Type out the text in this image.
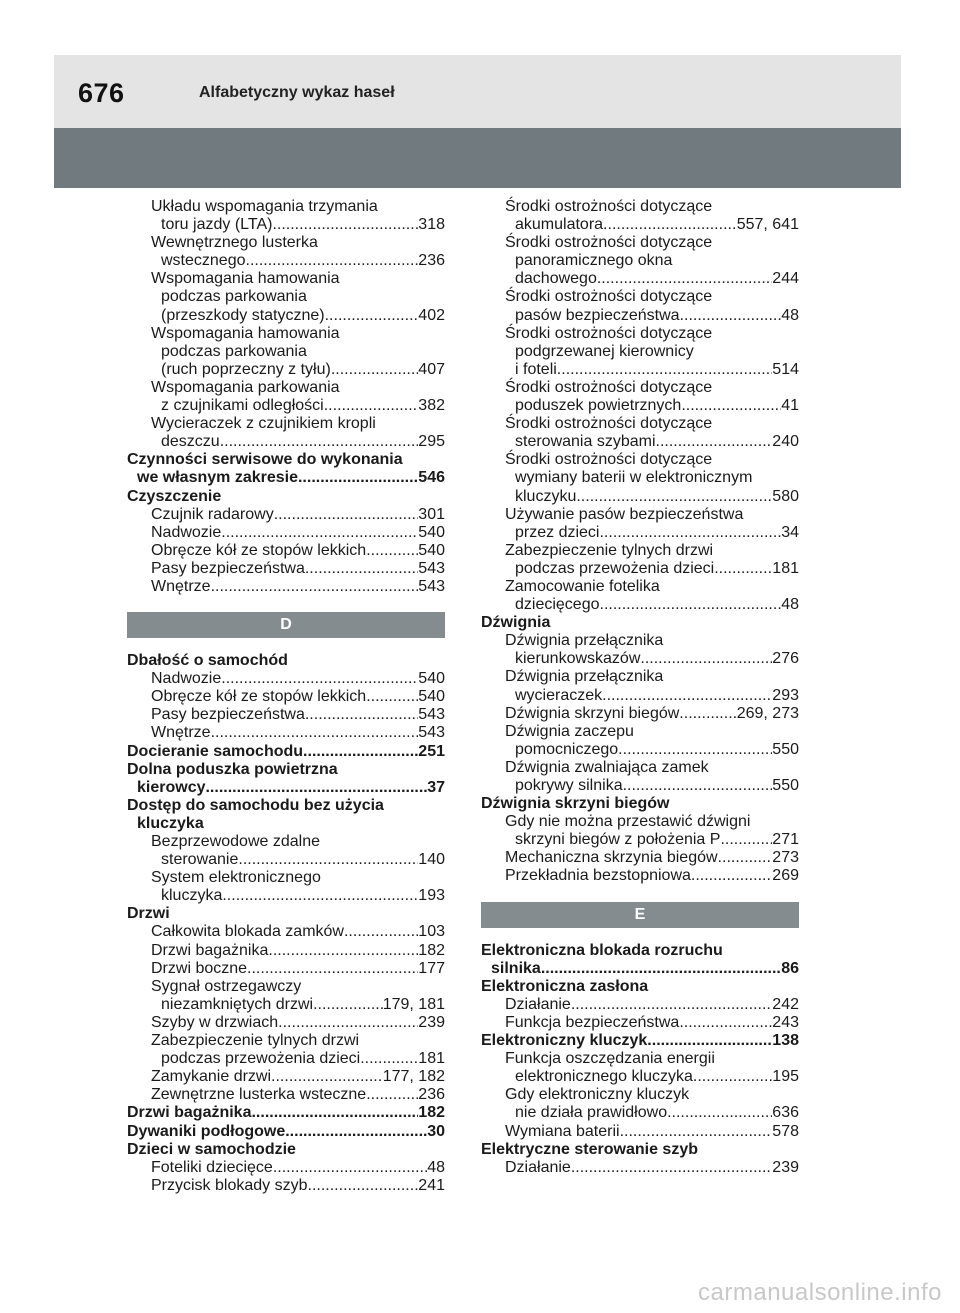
676	Alfabetyczny wykaz haseł
Układu wspomagania trzymania
toru jazdy (LTA) .....	318
Wewnętrznego lusterka
wstecznego .....	236
Wspomagania hamowania
podczas parkowania
(przeszkody statyczne) .....	402
Wspomagania hamowania
podczas parkowania
(ruch poprzeczny z tyłu) .....	407
Wspomagania parkowania
z czujnikami odległości .....	382
Wycieraczek z czujnikiem kropli
deszczu .....	295
Czynności serwisowe do wykonania
we własnym zakresie .....	546
Czyszczenie
Czujnik radarowy .....	301
Nadwozie .....	540
Obręcze kół ze stopów lekkich .....	540
Pasy bezpieczeństwa .....	543
Wnętrze .....	543
D
Dbałość o samochód
Nadwozie .....	540
Obręcze kół ze stopów lekkich .....	540
Pasy bezpieczeństwa .....	543
Wnętrze .....	543
Docieranie samochodu .....	251
Dolna poduszka powietrzna
kierowcy .....	37
Dostęp do samochodu bez użycia
kluczyka
Bezprzewodowe zdalne
sterowanie .....	140
System elektronicznego
kluczyka .....	193
Drzwi
Całkowita blokada zamków .....	103
Drzwi bagażnika .....	182
Drzwi boczne .....	177
Sygnał ostrzegawczy
niezamkniętych drzwi .....	179, 181
Szyby w drzwiach .....	239
Zabezpieczenie tylnych drzwi
podczas przewożenia dzieci .....	181
Zamykanie drzwi .....	177, 182
Zewnętrzne lusterka wsteczne .....	236
Drzwi bagażnika .....	182
Dywaniki podłogowe .....	30
Dzieci w samochodzie
Foteliki dziecięce .....	48
Przycisk blokady szyb .....	241
Środki ostrożności dotyczące
akumulatora .....	557, 641
Środki ostrożności dotyczące
panoramicznego okna
dachowego .....	244
Środki ostrożności dotyczące
pasów bezpieczeństwa .....	48
Środki ostrożności dotyczące
podgrzewanej kierownicy
i foteli .....	514
Środki ostrożności dotyczące
poduszek powietrznych .....	41
Środki ostrożności dotyczące
sterowania szybami .....	240
Środki ostrożności dotyczące
wymiany baterii w elektronicznym
kluczyku .....	580
Używanie pasów bezpieczeństwa
przez dzieci .....	34
Zabezpieczenie tylnych drzwi
podczas przewożenia dzieci .....	181
Zamocowanie fotelika
dziecięcego .....	48
Dźwignia
Dźwignia przełącznika
kierunkowskazów .....	276
Dźwignia przełącznika
wycieraczek .....	293
Dźwignia skrzyni biegów .....	269, 273
Dźwignia zaczepu
pomocniczego .....	550
Dźwignia zwalniająca zamek
pokrywy silnika .....	550
Dźwignia skrzyni biegów
Gdy nie można przestawić dźwigni
skrzyni biegów z położenia P .....	271
Mechaniczna skrzynia biegów .....	273
Przekładnia bezstopniowa .....	269
E
Elektroniczna blokada rozruchu
silnika .....	86
Elektroniczna zasłona
Działanie .....	242
Funkcja bezpieczeństwa .....	243
Elektroniczny kluczyk .....	138
Funkcja oszczędzania energii
elektronicznego kluczyka .....	195
Gdy elektroniczny kluczyk
nie działa prawidłowo .....	636
Wymiana baterii .....	578
Elektryczne sterowanie szyb
Działanie .....	239
carmanualsonline.info
